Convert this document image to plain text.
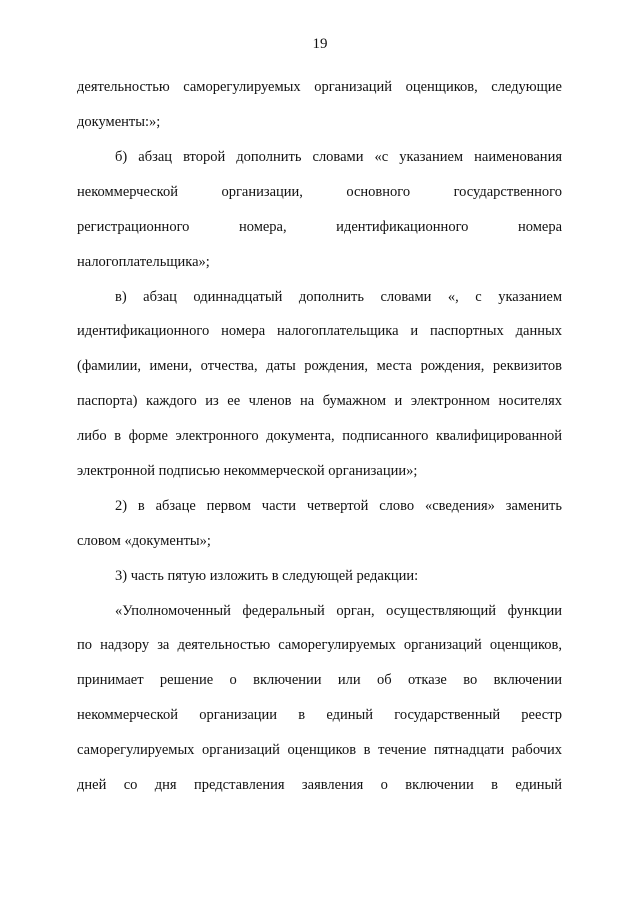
19
деятельностью саморегулируемых организаций оценщиков, следующие
документы:»;
б) абзац второй дополнить словами «с указанием наименования
некоммерческой организации, основного государственного
регистрационного номера, идентификационного номера
налогоплательщика»;
в) абзац одиннадцатый дополнить словами «, с указанием
идентификационного номера налогоплательщика и паспортных данных
(фамилии, имени, отчества, даты рождения, места рождения, реквизитов
паспорта) каждого из ее членов на бумажном и электронном носителях
либо в форме электронного документа, подписанного квалифицированной
электронной подписью некоммерческой организации»;
2) в абзаце первом части четвертой слово «сведения» заменить
словом «документы»;
3) часть пятую изложить в следующей редакции:
«Уполномоченный федеральный орган, осуществляющий функции
по надзору за деятельностью саморегулируемых организаций оценщиков,
принимает решение о включении или об отказе во включении
некоммерческой организации в единый государственный реестр
саморегулируемых организаций оценщиков в течение пятнадцати рабочих
дней со дня представления заявления о включении в единый
